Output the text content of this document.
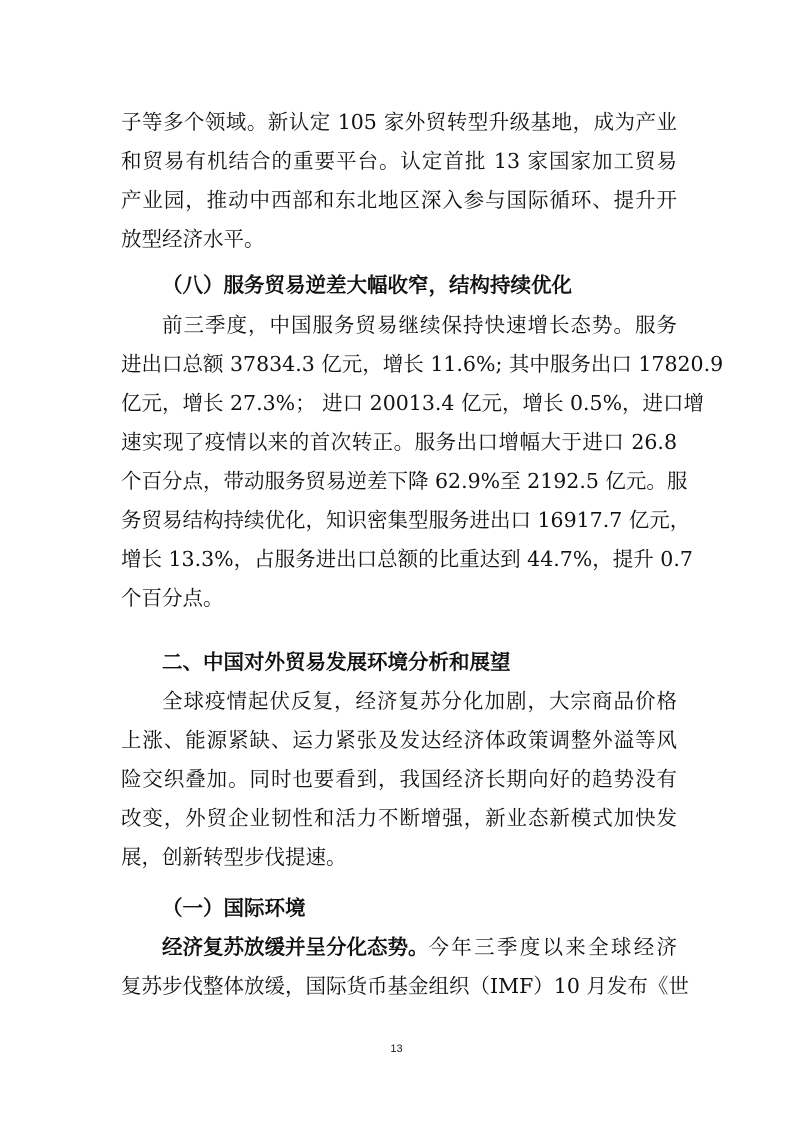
子等多个领域。新认定 105 家外贸转型升级基地，成为产业
和贸易有机结合的重要平台。认定首批 13 家国家加工贸易
产业园，推动中西部和东北地区深入参与国际循环、提升开
放型经济水平。
（八）服务贸易逆差大幅收窄，结构持续优化
前三季度，中国服务贸易继续保持快速增长态势。服务
进出口总额 37834.3 亿元，增长 11.6%; 其中服务出口 17820.9
亿元，增长 27.3%； 进口 20013.4 亿元，增长 0.5%，进口增
速实现了疫情以来的首次转正。服务出口增幅大于进口 26.8
个百分点，带动服务贸易逆差下降 62.9%至 2192.5 亿元。服
务贸易结构持续优化，知识密集型服务进出口 16917.7 亿元，
增长 13.3%，占服务进出口总额的比重达到 44.7%，提升 0.7
个百分点。
二、中国对外贸易发展环境分析和展望
全球疫情起伏反复，经济复苏分化加剧，大宗商品价格
上涨、能源紧缺、运力紧张及发达经济体政策调整外溢等风
险交织叠加。同时也要看到，我国经济长期向好的趋势没有
改变，外贸企业韧性和活力不断增强，新业态新模式加快发
展，创新转型步伐提速。
（一）国际环境
经济复苏放缓并呈分化态势。 今年三季度以来全球经济
复苏步伐整体放缓，国际货币基金组织（IMF）10 月发布《世
13
